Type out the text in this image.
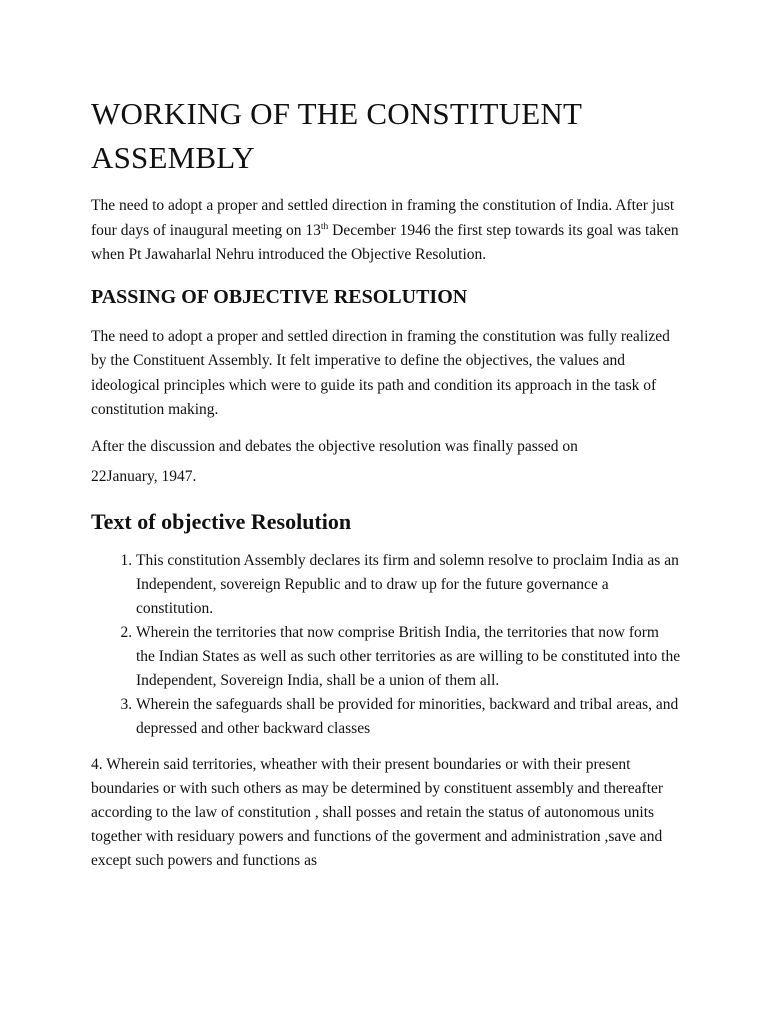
WORKING OF THE CONSTITUENT ASSEMBLY

The need to adopt a proper and settled direction in framing the constitution of India. After just four days of inaugural meeting on 13th December 1946 the first step towards its goal was taken when Pt Jawaharlal Nehru introduced the Objective Resolution.

PASSING OF OBJECTIVE RESOLUTION

The need to adopt a proper and settled direction in framing the constitution was fully realized by the Constituent Assembly. It felt imperative to define the objectives, the values and ideological principles which were to guide its path and condition its approach in the task of constitution making.

After the discussion and debates the objective resolution was finally passed on

22January, 1947.

Text of objective Resolution
1. This constitution Assembly declares its firm and solemn resolve to proclaim India as an Independent, sovereign Republic and to draw up for the future governance a constitution.
2. Wherein the territories that now comprise British India, the territories that now form the Indian States as well as such other territories as are willing to be constituted into the Independent, Sovereign India, shall be a union of them all.
3. Wherein the safeguards shall be provided for minorities, backward and tribal areas, and depressed and other backward classes

4. Wherein said territories, wheather with their present boundaries or with their present boundaries or with such others as may be determined by constituent assembly and thereafter according to the law of constitution , shall posses and retain the status of autonomous units together with residuary powers and functions of the goverment and administration ,save and except such powers and functions as
